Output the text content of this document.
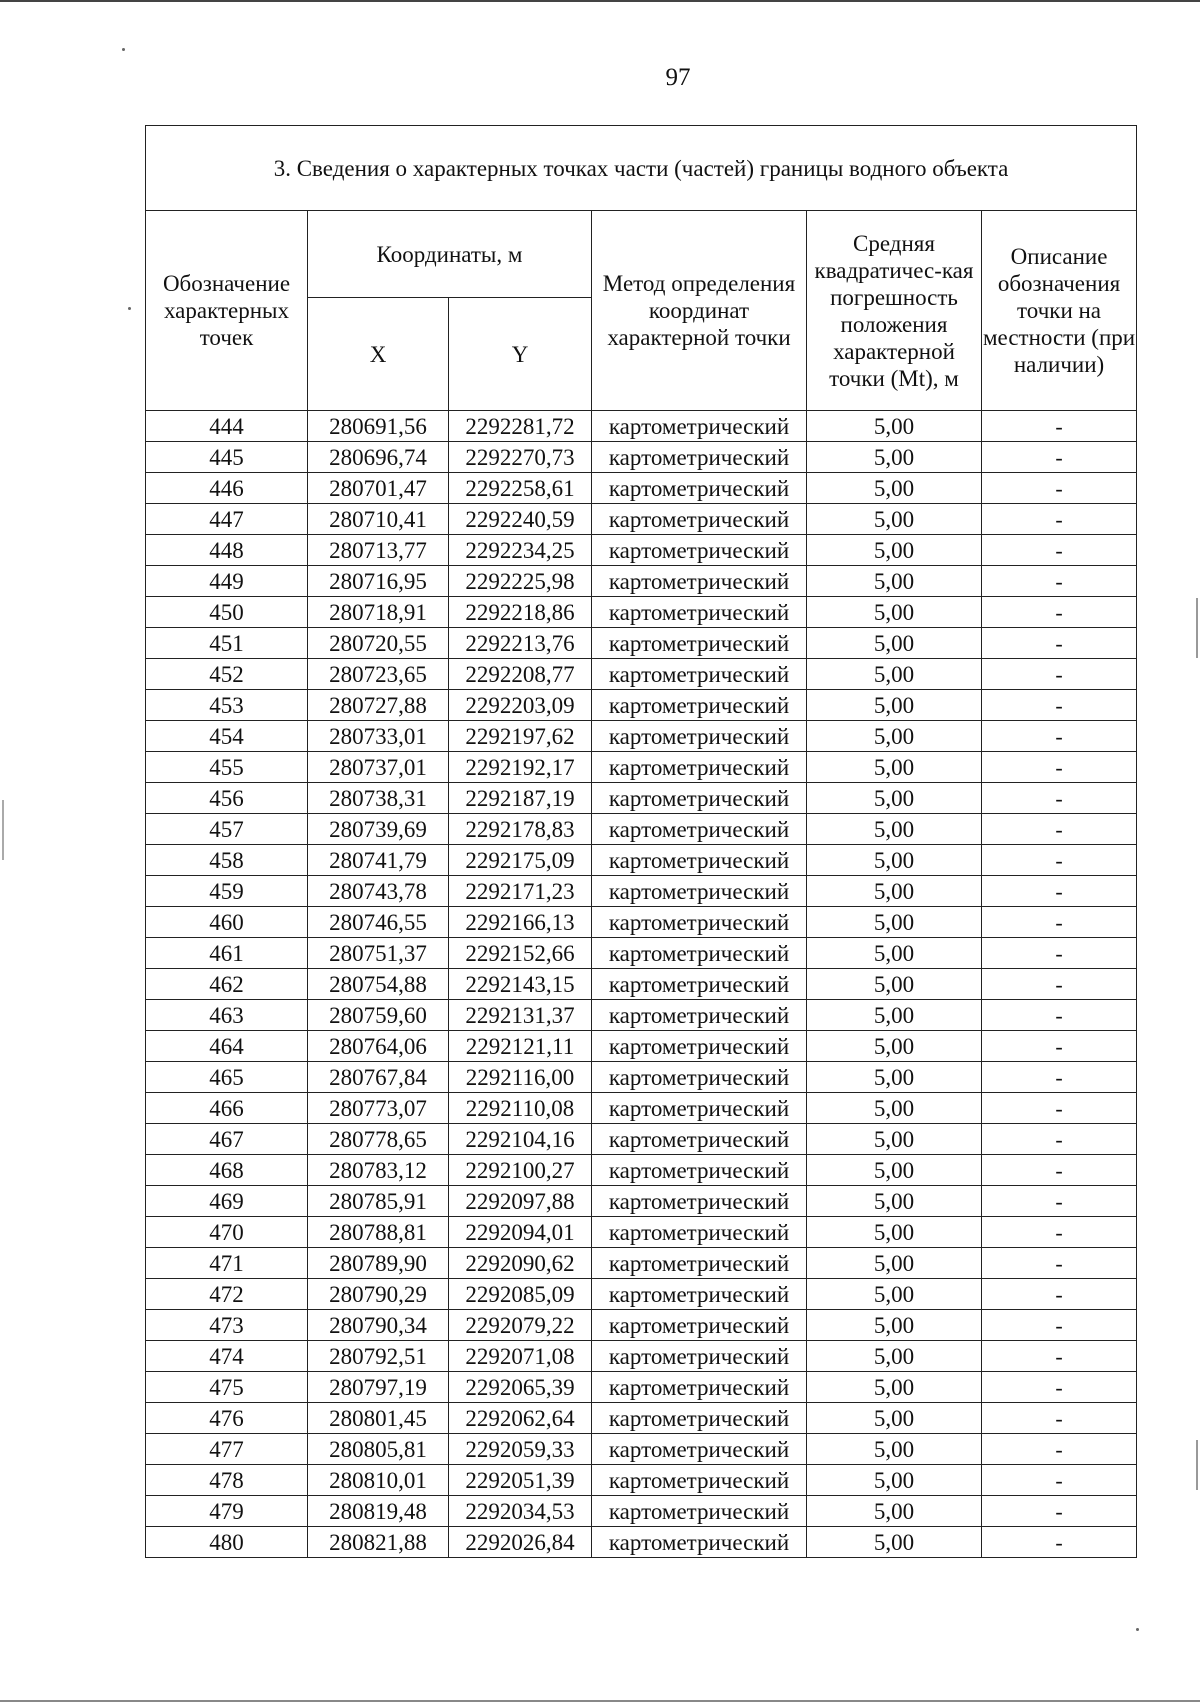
97
3. Сведения о характерных точках части (частей) границы водного объекта					
Обозначение характерных точек	Координаты, м		Метод определения координат характерной точки	Средняя квадратичес-кая погрешность положения характерной точки (Mt), м	Описание обозначения точки на местности (при наличии)
	X	Y			
444	280691,56	2292281,72	картометрический	5,00	-
445	280696,74	2292270,73	картометрический	5,00	-
446	280701,47	2292258,61	картометрический	5,00	-
447	280710,41	2292240,59	картометрический	5,00	-
448	280713,77	2292234,25	картометрический	5,00	-
449	280716,95	2292225,98	картометрический	5,00	-
450	280718,91	2292218,86	картометрический	5,00	-
451	280720,55	2292213,76	картометрический	5,00	-
452	280723,65	2292208,77	картометрический	5,00	-
453	280727,88	2292203,09	картометрический	5,00	-
454	280733,01	2292197,62	картометрический	5,00	-
455	280737,01	2292192,17	картометрический	5,00	-
456	280738,31	2292187,19	картометрический	5,00	-
457	280739,69	2292178,83	картометрический	5,00	-
458	280741,79	2292175,09	картометрический	5,00	-
459	280743,78	2292171,23	картометрический	5,00	-
460	280746,55	2292166,13	картометрический	5,00	-
461	280751,37	2292152,66	картометрический	5,00	-
462	280754,88	2292143,15	картометрический	5,00	-
463	280759,60	2292131,37	картометрический	5,00	-
464	280764,06	2292121,11	картометрический	5,00	-
465	280767,84	2292116,00	картометрический	5,00	-
466	280773,07	2292110,08	картометрический	5,00	-
467	280778,65	2292104,16	картометрический	5,00	-
468	280783,12	2292100,27	картометрический	5,00	-
469	280785,91	2292097,88	картометрический	5,00	-
470	280788,81	2292094,01	картометрический	5,00	-
471	280789,90	2292090,62	картометрический	5,00	-
472	280790,29	2292085,09	картометрический	5,00	-
473	280790,34	2292079,22	картометрический	5,00	-
474	280792,51	2292071,08	картометрический	5,00	-
475	280797,19	2292065,39	картометрический	5,00	-
476	280801,45	2292062,64	картометрический	5,00	-
477	280805,81	2292059,33	картометрический	5,00	-
478	280810,01	2292051,39	картометрический	5,00	-
479	280819,48	2292034,53	картометрический	5,00	-
480	280821,88	2292026,84	картометрический	5,00	-
